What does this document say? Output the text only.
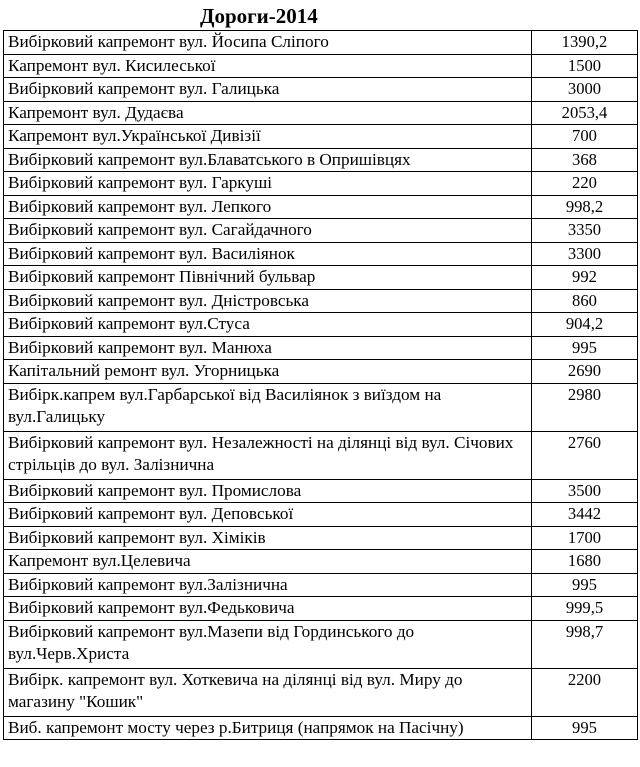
Дороги-2014
Вибірковий капремонт вул. Йосипа Сліпого	1390,2
Капремонт вул. Кисилеської	1500
Вибірковий капремонт вул. Галицька	3000
Капремонт вул. Дудаєва	2053,4
Капремонт вул.Української Дивізії	700
Вибірковий капремонт вул.Блаватського в Опришівцях	368
Вибірковий капремонт вул. Гаркуші	220
Вибірковий капремонт вул. Лепкого	998,2
Вибірковий капремонт вул. Сагайдачного	3350
Вибірковий капремонт вул. Василіянок	3300
Вибірковий капремонт Північний бульвар	992
Вибірковий капремонт вул. Дністровська	860
Вибірковий капремонт вул.Стуса	904,2
Вибірковий капремонт вул. Манюха	995
Капітальний ремонт вул. Угорницька	2690
Вибірк.капрем вул.Гарбарської від Василіянок з виїздом на вул.Галицьку	2980
Вибірковий капремонт вул. Незалежності на ділянці від вул. Січових стрільців до вул. Залізнична	2760
Вибірковий капремонт вул. Промислова	3500
Вибірковий капремонт вул. Деповської	3442
Вибірковий капремонт вул. Хіміків	1700
Капремонт вул.Целевича	1680
Вибірковий капремонт вул.Залізнична	995
Вибірковий капремонт вул.Федьковича	999,5
Вибірковий капремонт вул.Мазепи від Гординського до вул.Черв.Христа	998,7
Вибірк. капремонт вул. Хоткевича на ділянці від вул. Миру до магазину "Кошик"	2200
Виб. капремонт мосту через р.Битриця (напрямок на Пасічну)	995
